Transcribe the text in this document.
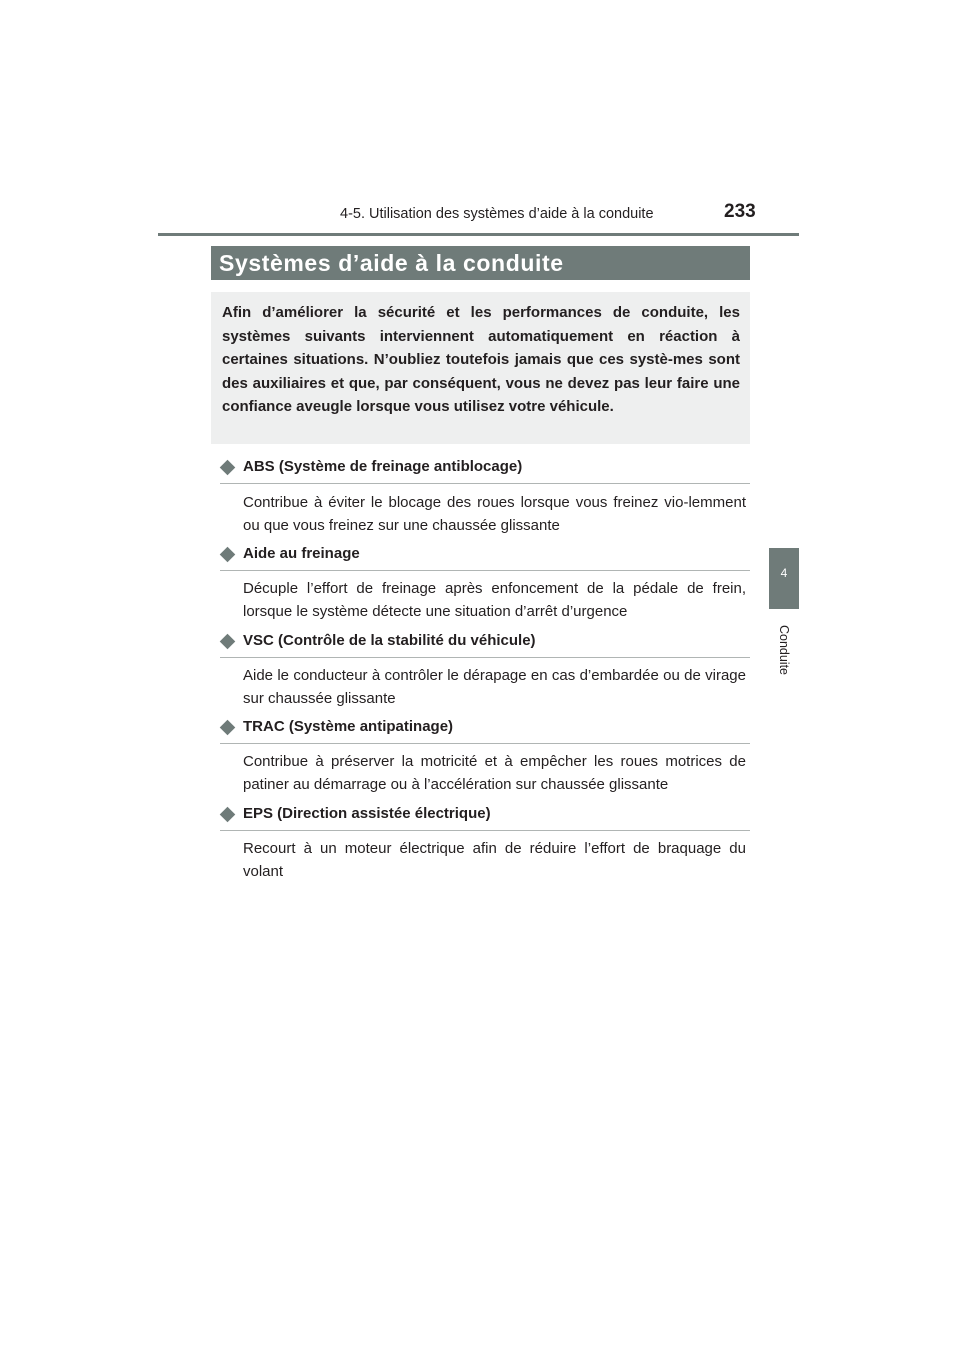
4-5. Utilisation des systèmes d’aide à la conduite	233
4
Conduite
Systèmes d’aide à la conduite

Afin d’améliorer la sécurité et les performances de conduite, les systèmes suivants interviennent automatiquement en réaction à certaines situations. N’oubliez toutefois jamais que ces systè-mes sont des auxiliaires et que, par conséquent, vous ne devez pas leur faire une confiance aveugle lorsque vous utilisez votre véhicule.

ABS (Système de freinage antiblocage)

Contribue à éviter le blocage des roues lorsque vous freinez vio-lemment ou que vous freinez sur une chaussée glissante

Aide au freinage

Décuple l’effort de freinage après enfoncement de la pédale de frein, lorsque le système détecte une situation d’arrêt d’urgence

VSC (Contrôle de la stabilité du véhicule)

Aide le conducteur à contrôler le dérapage en cas d’embardée ou de virage sur chaussée glissante

TRAC (Système antipatinage)

Contribue à préserver la motricité et à empêcher les roues motrices de patiner au démarrage ou à l’accélération sur chaussée glissante

EPS (Direction assistée électrique)

Recourt à un moteur électrique afin de réduire l’effort de braquage du volant
